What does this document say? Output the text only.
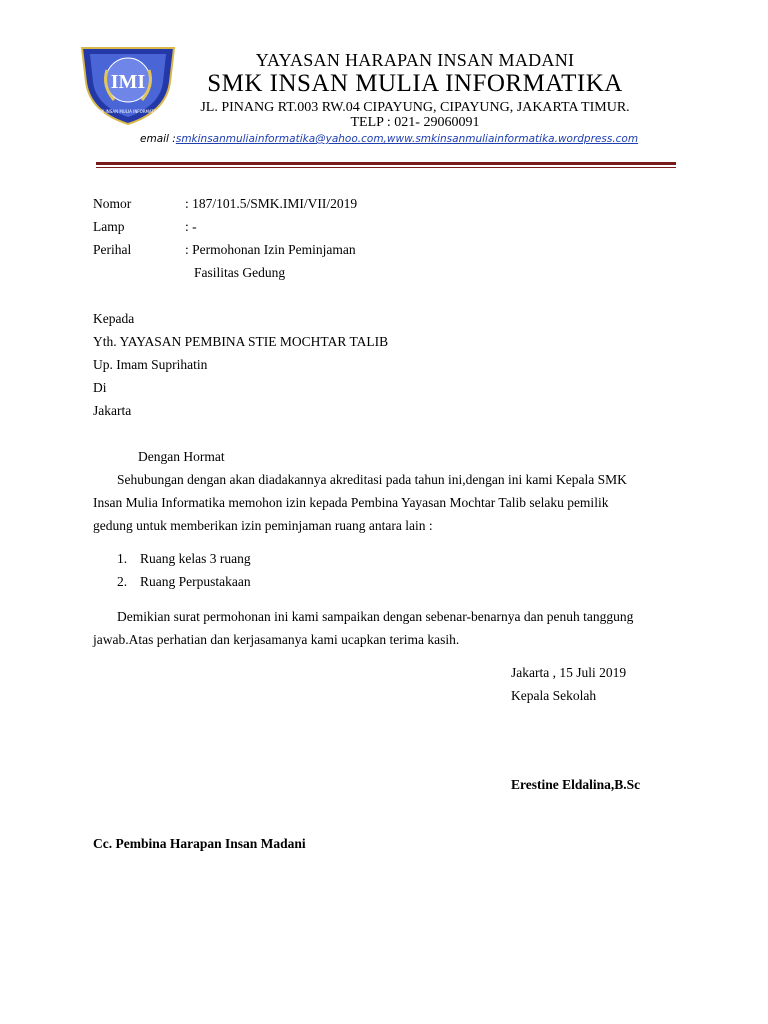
IMI
SMK INSAN MULIA INFORMATIKA
YAYASAN HARAPAN INSAN MADANI
SMK INSAN MULIA INFORMATIKA
JL. PINANG RT.003 RW.04 CIPAYUNG, CIPAYUNG, JAKARTA TIMUR.
TELP : 021- 29060091
email :smkinsanmuliainformatika@yahoo.com,www.smkinsanmuliainformatika.wordpress.com
Nomor	: 187/101.5/SMK.IMI/VII/2019
Lamp	: -
Perihal	: Permohonan Izin Peminjaman
Fasilitas Gedung
Kepada
Yth. YAYASAN PEMBINA STIE MOCHTAR TALIB
Up. Imam Suprihatin
Di
Jakarta
Dengan Hormat
Sehubungan dengan akan diadakannya akreditasi pada tahun ini,dengan ini kami Kepala SMK
Insan Mulia Informatika memohon izin kepada Pembina Yayasan Mochtar Talib selaku pemilik
gedung untuk memberikan izin peminjaman ruang antara lain :
1. Ruang kelas 3 ruang
2. Ruang Perpustakaan
Demikian surat permohonan ini kami sampaikan dengan sebenar-benarnya dan penuh tanggung
jawab.Atas perhatian dan kerjasamanya kami ucapkan terima kasih.
Jakarta , 15 Juli 2019
Kepala Sekolah
Erestine Eldalina,B.Sc
Cc. Pembina Harapan Insan Madani
